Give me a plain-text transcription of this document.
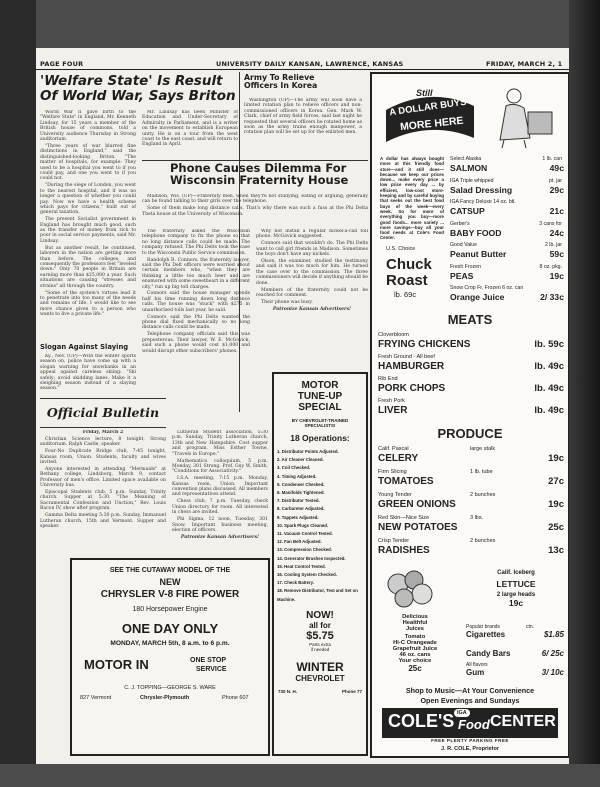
PAGE FOUR	UNIVERSITY DAILY KANSAN, LAWRENCE, KANSAS	FRIDAY, MARCH 2, 1
'Welfare State' Is Result
Of World War, Says Briton

World War II gave birth to the "Welfare State" in England, Mr. Kenneth Lindsay, for 15 years a member of the British house of commons, told a University audience Thursday in Strong auditorium.

"Three years of war blurred fine distinctions in England," said the distinguished-looking Briton. "The matter of hospitals, for example: They used to be a hospital you went to if you could pay, and one you went to if you could not.

"During the siege of London, you went to the nearest hospital, and it was no longer a question of whether you could pay. Now we have a health scheme which pays for citizens," built out of general taxation.

The present Socialist government in England has brought much good, such as the transfer of money from rich to poor in social service payments, said Mr. Lindsay.

But as another result, he continued, laborers in the nation are getting more than before. The colleges, and consequently the professors feel "leveled down." Only 70 people in Britain are earning more than $25,000 a year. Such situations are causing "stresses and strains" all through the country.

"Some of the system's virtues lead it to penetrate into too many of the needs and remains of life. I would like to see more chance given to a person who wants to live a private life."

Mr. Lindsay has been Minister of Education and Under-Secretary of Admiralty in Parliament, and is a writer on the movement to establish European unity. He is on a tour from the west coast to the east coast, and will return to England in April.

Slogan Against Slaying

Ky., Nev. (UP)—With the winter sports season on, police have come up with a slogan warning for snowbanks in an appeal against careless skiing: "Ski safely; avoid skidding lanes. Make it a sleighing season instead of a slaying season."

Army To Relieve
Officers In Korea

Washington (UP)—The army will soon have a limited rotation plan to relieve officers and non-commissioned officers in Korea. Gen. Mark W. Clark, chief of army field forces, said last night he requested that several officers be rotated home as soon as the army trains enough manpower, a rotation plan will be set up for the enlisted men.

Phone Causes Dilemma For
Wisconsin Fraternity House

Madison, Wis. (UP)—Fraternity men, when they're not studying, eating or arguing, generally can be found talking to their girls over the telephone.

Some of them make long distance calls. That's why there was such a fuss at the Phi Delta Theta house at the University of Wisconsin.

The fraternity asked the Wisconsin telephone company to fix the phone so that no long distance calls could be made. The company refused. The Phi Delts took the case to the Wisconsin Public Service commission.

Randolph R. Connors, the fraternity lawyer, said the Phi Delt officers were worried about certain members who, "when they are thinking a little too much beer and are enamored with some sweetheart in a different city," run up big toll charges.

Connors said the house manager spends half his time running down long distance calls. The house was "stuck" with $275 in unauthorized tolls last year, he said.

Connors said the Phi Delts wanted the phone dial fixed mechanically so no long distance calls could be made.

Telephone company officials said this was preposterous. Their lawyer, W. E. McGovick, said such a phone would cost $1,000 and would disrupt other subscribers' phones.

Why not install a regular nickel-a-call toll phone, McGavick suggested.

Connors said that wouldn't do. The Phi Delts want to call girl friends in Madison. Sometimes the boys don't have any nickels.

Olson, the examiner, studied the testimony and said it was too much for him. He turned the case over to the commission. The three commissioners will decide if anything should be done.

Members of the fraternity could not be reached for comment.

Their phone was busy.

Patronize Kansan Advertisers!

Official Bulletin

Friday, March 2

Christian Science lecture, 8 tonight, Strong auditorium. Ralph Castle, speaker.

Four-No Duplicate Bridge club, 7:45 tonight, Kansas room, Union. Students, faculty and wives invited.

Anyone interested in attending "Mermaids" at Bethany college, Lindsborg, March 9, contact Professor of men's office. Limited space available on University bus.

Episcopal Students club, 5 p.m. Sunday, Trinity church. Supper at 5:30. "The Meaning of Sacramental Confession and Unction," Rev. Louis Bacon IV, show after program.

Gamma Delta meeting 5:30 p.m. Sunday, Immanuel Lutheran church, 15th and Vermont. Supper and speaker.

Lutheran Student association, 5:30 p.m. Sunday, Trinity Lutheran church, 13th and New Hampshire. Cost supper and program. Miss Esther Towne, "Travels in Europe."

Mathematics colloquium, 5 p.m. Monday, 301 Strong. Prof. Guy W. Smith, "Conditions for Associativity."

I.S.A. meeting, 7:15 p.m. Monday, Kansas room, Union. Important convention plans discussed. All members and representatives attend.

Chess club, 7 p.m. Tuesday, check Union directory for room. All interested in chess are invited.

Phi Sigma, 12 noon, Tuesday, 301 Snow. Important business meeting, election of officers.

Patronize Kansan Advertisers!

SEE THE CUTAWAY MODEL OF THE
NEW
CHRYSLER V-8 FIRE POWER
180 Horsepower Engine
ONE DAY ONLY
MONDAY, MARCH 5th, 8 a.m. to 6 p.m.
MOTOR IN	ONE STOP
SERVICE
C. J. TOPPING—GEORGE S. WARE
827 Vermont	Chrysler-Plymouth	Phone 607
MOTOR
TUNE-UP
SPECIAL
BY CHEVROLET-TRAINED SPECIALISTS!
18 Operations:
1. Distributor Points Adjusted.
2. Air Cleaner Cleaned.
3. Coil Checked.
4. Timing Adjusted.
5. Condenser Checked.
6. Manifolds Tightened.
7. Distributor Tested.
8. Carburetor Adjusted.
9. Tappets Adjusted.
10. Spark Plugs Cleaned.
11. Vacuum Control Tested.
12. Fan Belt Adjusted.
13. Compression Checked.
14. Generator Brushes Inspected.
15. Heat Control Tested.
16. Cooling System Checked.
17. Check Battery.
18. Remove Distributor, Test and Set on Machine.
NOW!
all for
$5.75
Parts extra
if needed
WINTER
CHEVROLET
730 N. H.	Phone 77
Still
A DOLLAR BUYS
MORE HERE
A dollar has always bought more at this friendly food store—and it still does—because we keep our prices down... make every price a low price every day ... by efficient, low-cost store-keeping and by careful buying that seeks out the best food buys of the week—every week. So for more of everything you buy—more good foods... more variety ... more savings—buy all your food needs at Cole's Food Center.
U.S. Choice
Chuck
Roast
lb. 69c
Select Alaska	1 lb. can
SALMON	49c
IGA Triple whipped	pt. jar
Salad Dressing	29c
IGA Fancy Deluxe 14 oz. btl.
CATSUP	21c
Gerber's	3 cans for
BABY FOOD	24c
Good Value	2 lb. jar
Peanut Butter	59c
Fresh Frozen	8 oz. pkg.
PEAS	19c
Snow Crop Fr. Frozen 6 oz. can
Orange Juice	2/ 33c
MEATS
Cloverbloom
FRYING CHICKENS	lb. 59c
Fresh Ground - All beef
HAMBURGER	lb. 49c
Rib End
PORK CHOPS	lb. 49c
Fresh Pork
LIVER	lb. 49c
PRODUCE
Calif. Pascal	large stalk
CELERY	19c
Firm Slicing	1 lb. tube
TOMATOES	27c
Young Tender	2 bunches
GREEN ONIONS	19c
Red Skin—Nice Size	3 lbs.
NEW POTATOES	25c
Crisp Tender	2 bunches
RADISHES	13c
Delicious
Healthful
Juices
Tomato
Hi-C Orangeade
Grapefruit Juice
46 oz. cans
Your choice
25c
Calif. Iceberg
LETTUCE
2 large heads
19c
Popular brands	ctn.
Cigarettes	$1.85
Candy Bars	6/ 25c
All flavors
Gum	3/ 10c
Shop to Music—At Your Convenience
Open Evenings and Sundays
COLE'S IGA
Food CENTER
FREE PLENTY PARKING FREE
J. R. COLE, Proprietor
